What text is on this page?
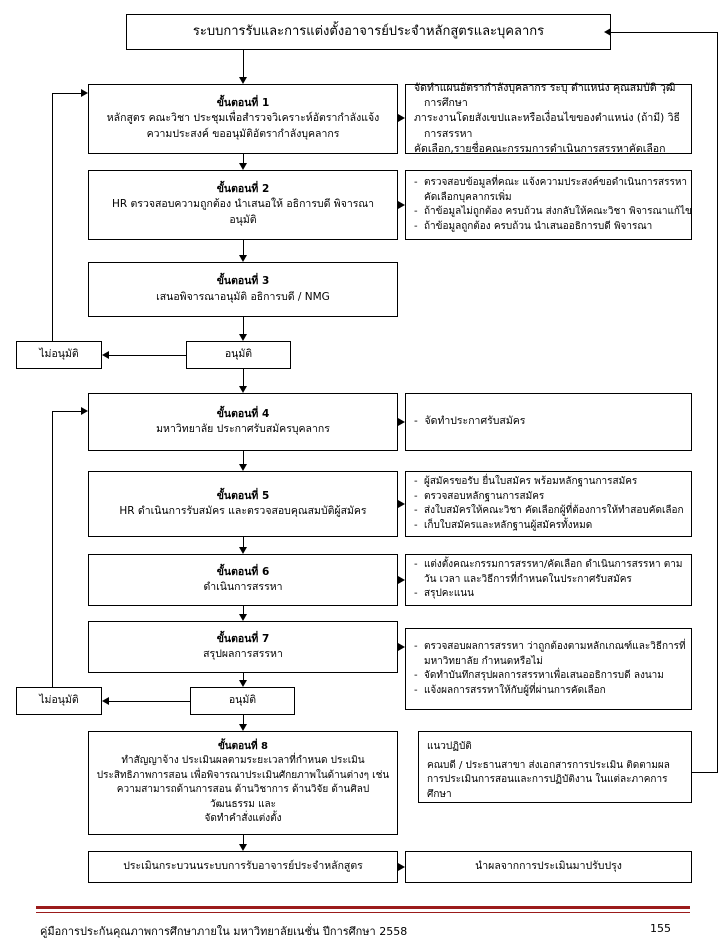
ระบบการรับและการแต่งตั้งอาจารย์ประจำหลักสูตรและบุคลากร
ขั้นตอนที่ 1
หลักสูตร คณะวิชา ประชุมเพื่อสำรวจวิเคราะห์อัตรากำลังแจ้ง
ความประสงค์ ขออนุมัติอัตรากำลังบุคลากร
จัดทำแผนอัตรากำลังบุคลากร ระบุ ตำแหน่ง คุณสมบัติ วุฒิการศึกษา
ภาระงานโดยสังเขปและหรือเงื่อนไขของตำแหน่ง (ถ้ามี) วิธีการสรรหา
คัดเลือก,รายชื่อคณะกรรมการดำเนินการสรรหาคัดเลือก
ขั้นตอนที่ 2
HR ตรวจสอบความถูกต้อง นำเสนอให้ อธิการบดี พิจารณา
อนุมัติ
-  ตรวจสอบข้อมูลที่คณะ แจ้งความประสงค์ขอดำเนินการสรรหา คัดเลือกบุคลากรเพิ่ม
-  ถ้าข้อมูลไม่ถูกต้อง ครบถ้วน ส่งกลับให้คณะวิชา พิจารณาแก้ไข
-  ถ้าข้อมูลถูกต้อง ครบถ้วน นำเสนออธิการบดี พิจารณา
ขั้นตอนที่ 3
เสนอพิจารณาอนุมัติ อธิการบดี / NMG
ไม่อนุมัติ	อนุมัติ
ขั้นตอนที่ 4
มหาวิทยาลัย ประกาศรับสมัครบุคลากร
-  จัดทำประกาศรับสมัคร
ขั้นตอนที่ 5
HR ดำเนินการรับสมัคร และตรวจสอบคุณสมบัติผู้สมัคร
-  ผู้สมัครขอรับ ยื่นใบสมัคร พร้อมหลักฐานการสมัคร
-  ตรวจสอบหลักฐานการสมัคร
-  ส่งใบสมัครให้คณะวิชา คัดเลือกผู้ที่ต้องการให้ทำสอบคัดเลือก
-  เก็บใบสมัครและหลักฐานผู้สมัครทั้งหมด
ขั้นตอนที่ 6
ดำเนินการสรรหา
-  แต่งตั้งคณะกรรมการสรรหา/คัดเลือก ดำเนินการสรรหา ตามวัน เวลา และวิธีการที่กำหนดในประกาศรับสมัคร
-  สรุปคะแนน
ขั้นตอนที่ 7
สรุปผลการสรรหา
-  ตรวจสอบผลการสรรหา ว่าถูกต้องตามหลักเกณฑ์และวิธีการที่มหาวิทยาลัย กำหนดหรือไม่
-  จัดทำบันทึกสรุปผลการสรรหาเพื่อเสนออธิการบดี ลงนาม
-  แจ้งผลการสรรหาให้กับผู้ที่ผ่านการคัดเลือก
ไม่อนุมัติ	อนุมัติ
ขั้นตอนที่ 8
ทำสัญญาจ้าง ประเมินผลตามระยะเวลาที่กำหนด ประเมิน
ประสิทธิภาพการสอน เพื่อพิจารณาประเมินศักยภาพในด้านต่างๆ เช่น
ความสามารถด้านการสอน ด้านวิชาการ ด้านวิจัย ด้านศิลปวัฒนธรรม และ
จัดทำคำสั่งแต่งตั้ง
แนวปฏิบัติ
คณบดี / ประธานสาขา ส่งเอกสารการประเมิน ติดตามผลการประเมินการสอนและการปฏิบัติงาน ในแต่ละภาคการศึกษา
ประเมินกระบวนนระบบการรับอาจารย์ประจำหลักสูตร	นำผลจากการประเมินมาปรับปรุง
คู่มือการประกันคุณภาพการศึกษาภายใน มหาวิทยาลัยเนชั่น ปีการศึกษา 2558	155
